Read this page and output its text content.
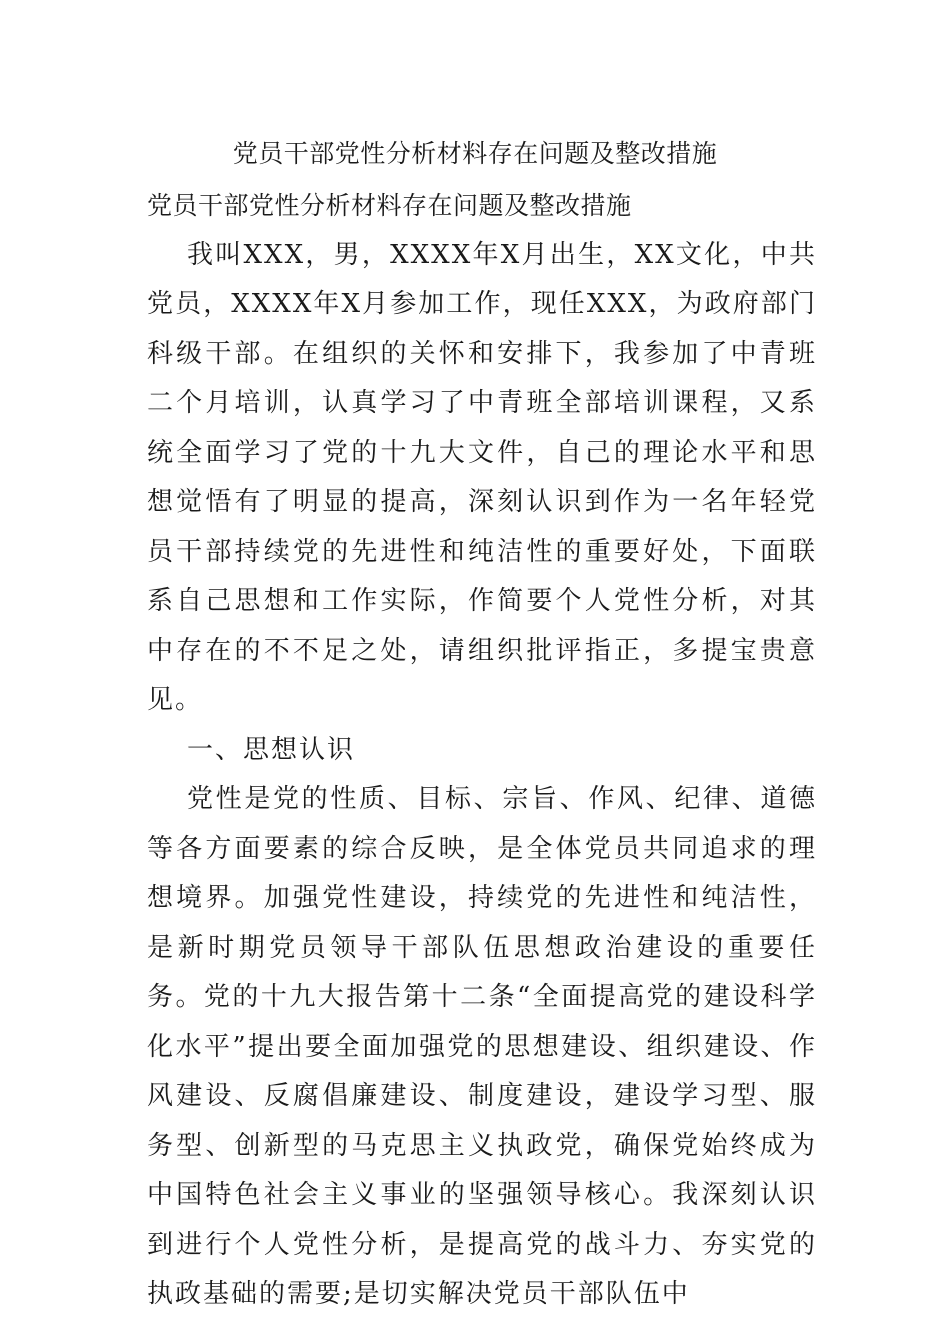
党员干部党性分析材料存在问题及整改措施

党员干部党性分析材料存在问题及整改措施

我叫XXX，男，XXXX年X月出生，XX文化，中共党员，XXXX年X月参加工作，现任XXX，为政府部门科级干部。在组织的关怀和安排下，我参加了中青班二个月培训，认真学习了中青班全部培训课程，又系统全面学习了党的十九大文件，自己的理论水平和思想觉悟有了明显的提高，深刻认识到作为一名年轻党员干部持续党的先进性和纯洁性的重要好处，下面联系自己思想和工作实际，作简要个人党性分析，对其中存在的不不足之处，请组织批评指正，多提宝贵意见。

一、思想认识

党性是党的性质、目标、宗旨、作风、纪律、道德等各方面要素的综合反映，是全体党员共同追求的理想境界。加强党性建设，持续党的先进性和纯洁性，是新时期党员领导干部队伍思想政治建设的重要任务。党的十九大报告第十二条“全面提高党的建设科学化水平”提出要全面加强党的思想建设、组织建设、作风建设、反腐倡廉建设、制度建设，建设学习型、服务型、创新型的马克思主义执政党，确保党始终成为中国特色社会主义事业的坚强领导核心。我深刻认识到进行个人党性分析，是提高党的战斗力、夯实党的执政基础的需要;是切实解决党员干部队伍中
